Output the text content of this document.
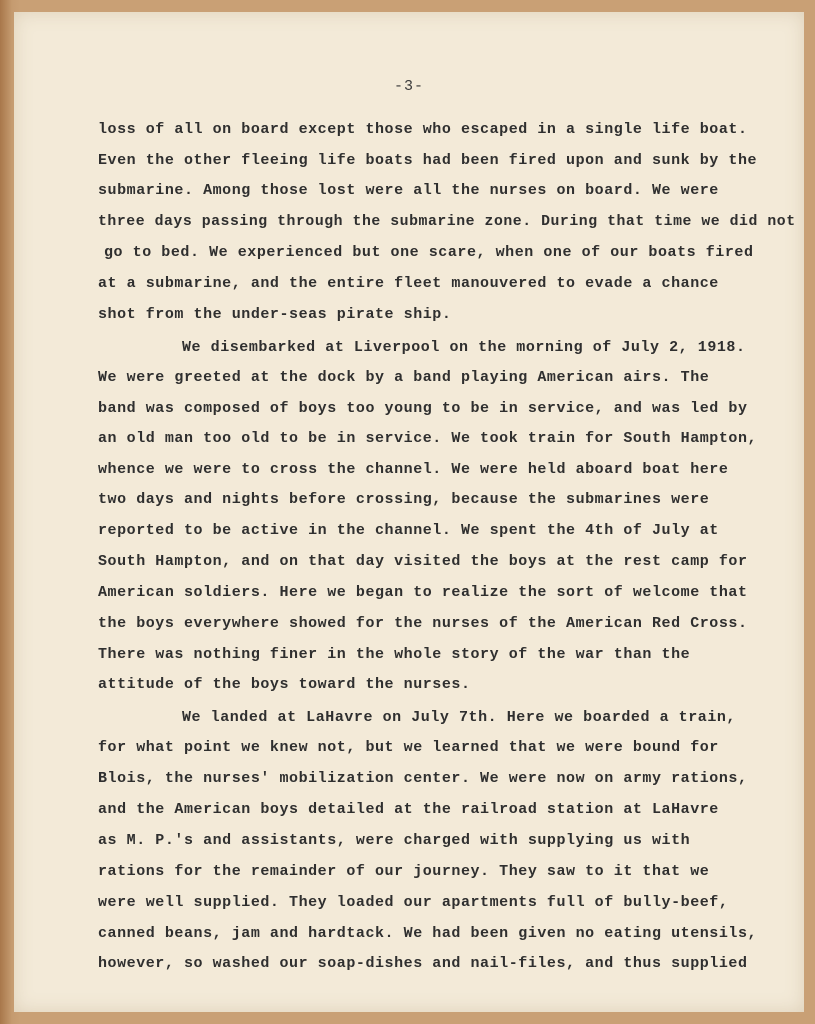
-3-
loss of all on board except those who escaped in a single life boat.
Even the other fleeing life boats had been fired upon and sunk by the
submarine. Among those lost were all the nurses on board. We were
three days passing through the submarine zone. During that time we did not
go to bed. We experienced but one scare, when one of our boats fired
at a submarine, and the entire fleet manouvered to evade a chance
shot from the under-seas pirate ship.
We disembarked at Liverpool on the morning of July 2, 1918.
We were greeted at the dock by a band playing American airs. The
band was composed of boys too young to be in service, and was led by
an old man too old to be in service. We took train for South Hampton,
whence we were to cross the channel. We were held aboard boat here
two days and nights before crossing, because the submarines were
reported to be active in the channel. We spent the 4th of July at
South Hampton, and on that day visited the boys at the rest camp for
American soldiers. Here we began to realize the sort of welcome that
the boys everywhere showed for the nurses of the American Red Cross.
There was nothing finer in the whole story of the war than the
attitude of the boys toward the nurses.
We landed at LaHavre on July 7th. Here we boarded a train,
for what point we knew not, but we learned that we were bound for
Blois, the nurses' mobilization center. We were now on army rations,
and the American boys detailed at the railroad station at LaHavre
as M. P.'s and assistants, were charged with supplying us with
rations for the remainder of our journey. They saw to it that we
were well supplied. They loaded our apartments full of bully-beef,
canned beans, jam and hardtack. We had been given no eating utensils,
however, so washed our soap-dishes and nail-files, and thus supplied
